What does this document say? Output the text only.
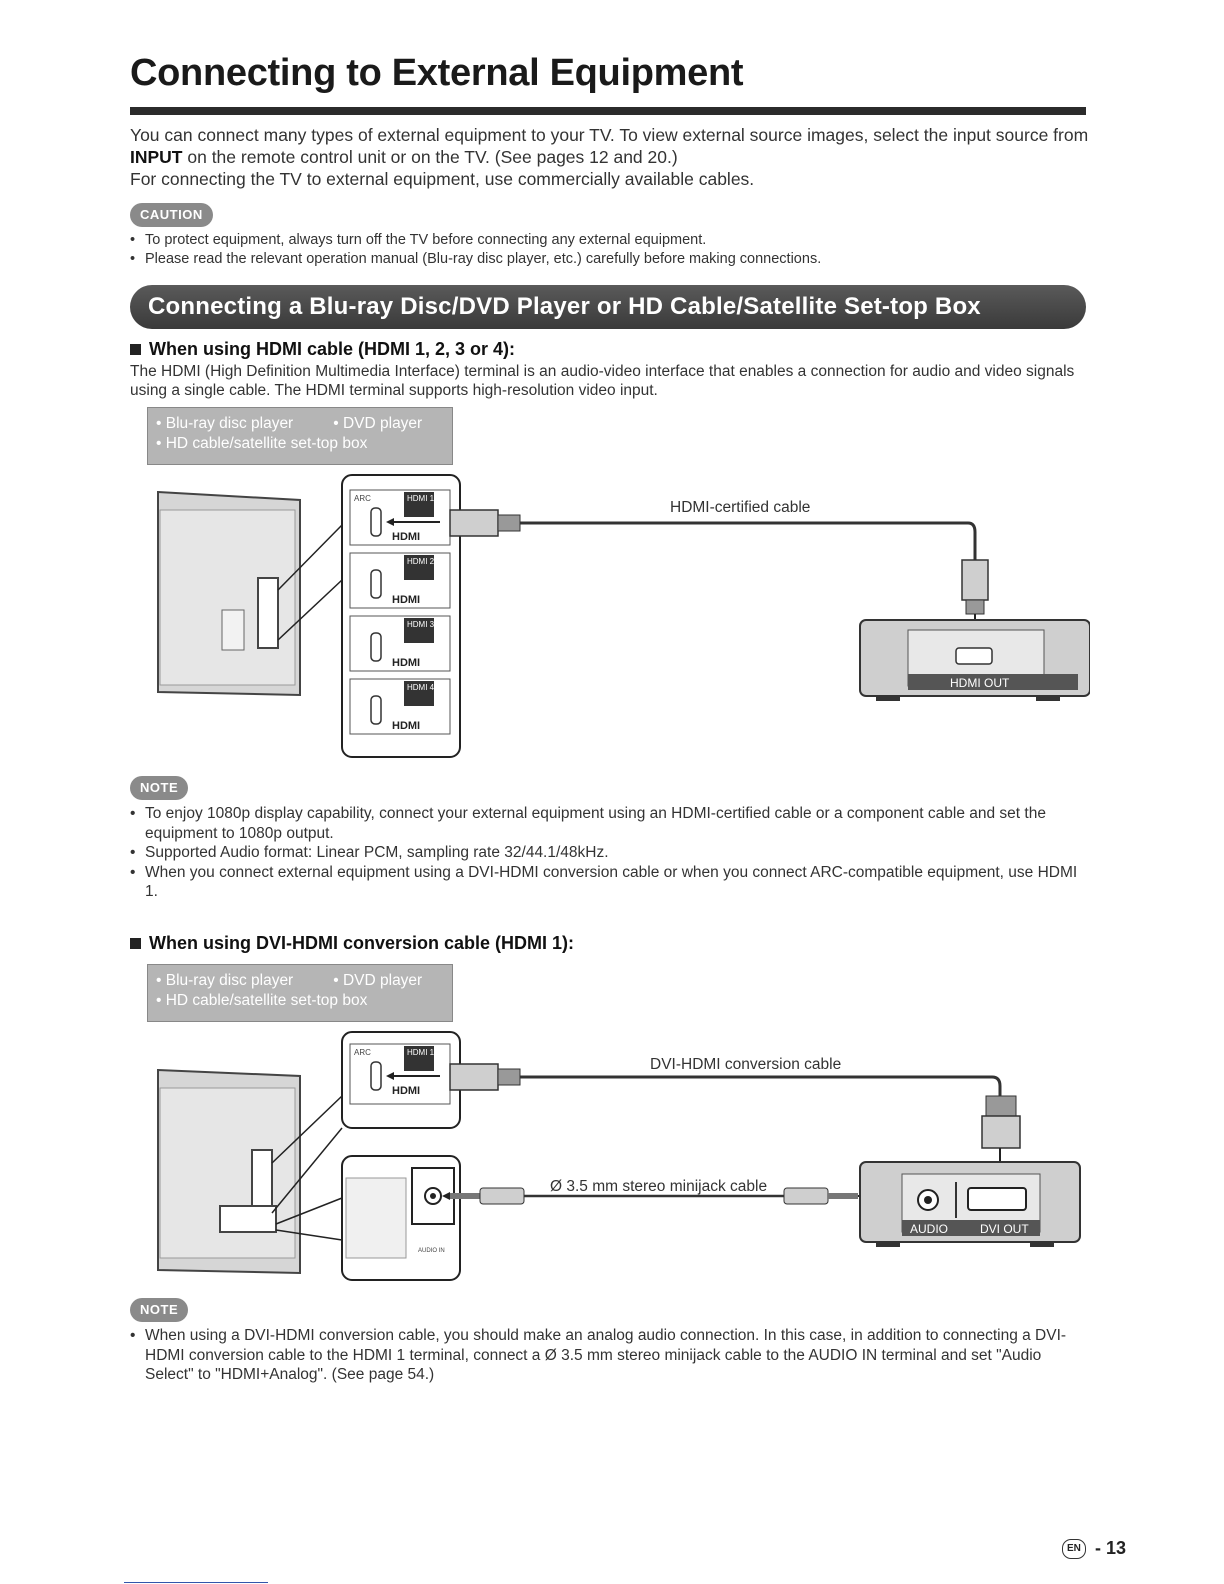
Connecting to External Equipment

You can connect many types of external equipment to your TV. To view external source images, select the input source from INPUT on the remote control unit or on the TV. (See pages 12 and 20.)

For connecting the TV to external equipment, use commercially available cables.

CAUTION
• To protect equipment, always turn off the TV before connecting any external equipment.
• Please read the relevant operation manual (Blu-ray disc player, etc.) carefully before making connections.
Connecting a Blu-ray Disc/DVD Player or HD Cable/Satellite Set-top Box
When using HDMI cable (HDMI 1, 2, 3 or 4):
The HDMI (High Definition Multimedia Interface) terminal is an audio-video interface that enables a connection for audio and video signals using a single cable. The HDMI terminal supports high-resolution video input.
• Blu-ray disc player	• DVD player
• HD cable/satellite set-top box
ARC	HDMI 1
HDMI 2
HDMI 3
HDMI 4
HDMI
HDMI
HDMI
HDMI
HDMI-certified cable
HDMI OUT
NOTE
• To enjoy 1080p display capability, connect your external equipment using an HDMI-certified cable or a component cable and set the equipment to 1080p output.
• Supported Audio format: Linear PCM, sampling rate 32/44.1/48kHz.
• When you connect external equipment using a DVI-HDMI conversion cable or when you connect ARC-compatible equipment, use HDMI 1.
When using DVI-HDMI conversion cable (HDMI 1):
• Blu-ray disc player	• DVD player
• HD cable/satellite set-top box
ARC	HDMI 1
HDMI
AUDIO IN
DVI-HDMI conversion cable
Ø 3.5 mm stereo minijack cable
AUDIO	DVI OUT
NOTE
• When using a DVI-HDMI conversion cable, you should make an analog audio connection. In this case, in addition to connecting a DVI-HDMI conversion cable to the HDMI 1 terminal, connect a Ø 3.5 mm stereo minijack cable to the AUDIO IN terminal and set "Audio Select" to "HDMI+Analog". (See page 54.)
EN - 13
